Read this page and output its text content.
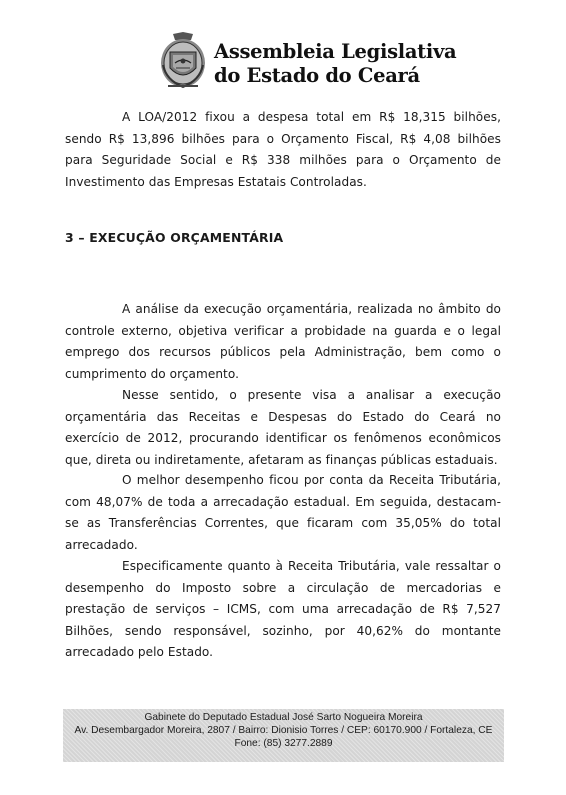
Assembleia Legislativa
do Estado do Ceará

A LOA/2012 fixou a despesa total em R$ 18,315 bilhões, sendo R$ 13,896 bilhões para o Orçamento Fiscal, R$ 4,08 bilhões para Seguridade Social e R$ 338 milhões para o Orçamento de Investimento das Empresas Estatais Controladas.

3 – EXECUÇÃO ORÇAMENTÁRIA

A análise da execução orçamentária, realizada no âmbito do controle externo, objetiva verificar a probidade na guarda e o legal emprego dos recursos públicos pela Administração, bem como o cumprimento do orçamento.

Nesse sentido, o presente visa a analisar a execução orçamentária das Receitas e Despesas do Estado do Ceará no exercício de 2012, procurando identificar os fenômenos econômicos que, direta ou indiretamente, afetaram as finanças públicas estaduais.

O melhor desempenho ficou por conta da Receita Tributária, com 48,07% de toda a arrecadação estadual. Em seguida, destacam-se as Transferências Correntes, que ficaram com 35,05% do total arrecadado.

Especificamente quanto à Receita Tributária, vale ressaltar o desempenho do Imposto sobre a circulação de mercadorias e prestação de serviços – ICMS, com uma arrecadação de R$ 7,527 Bilhões, sendo responsável, sozinho, por 40,62% do montante arrecadado pelo Estado.

Gabinete do Deputado Estadual José Sarto Nogueira Moreira
Av. Desembargador Moreira, 2807 / Bairro: Dionisio Torres / CEP: 60170.900 / Fortaleza, CE
Fone: (85) 3277.2889
